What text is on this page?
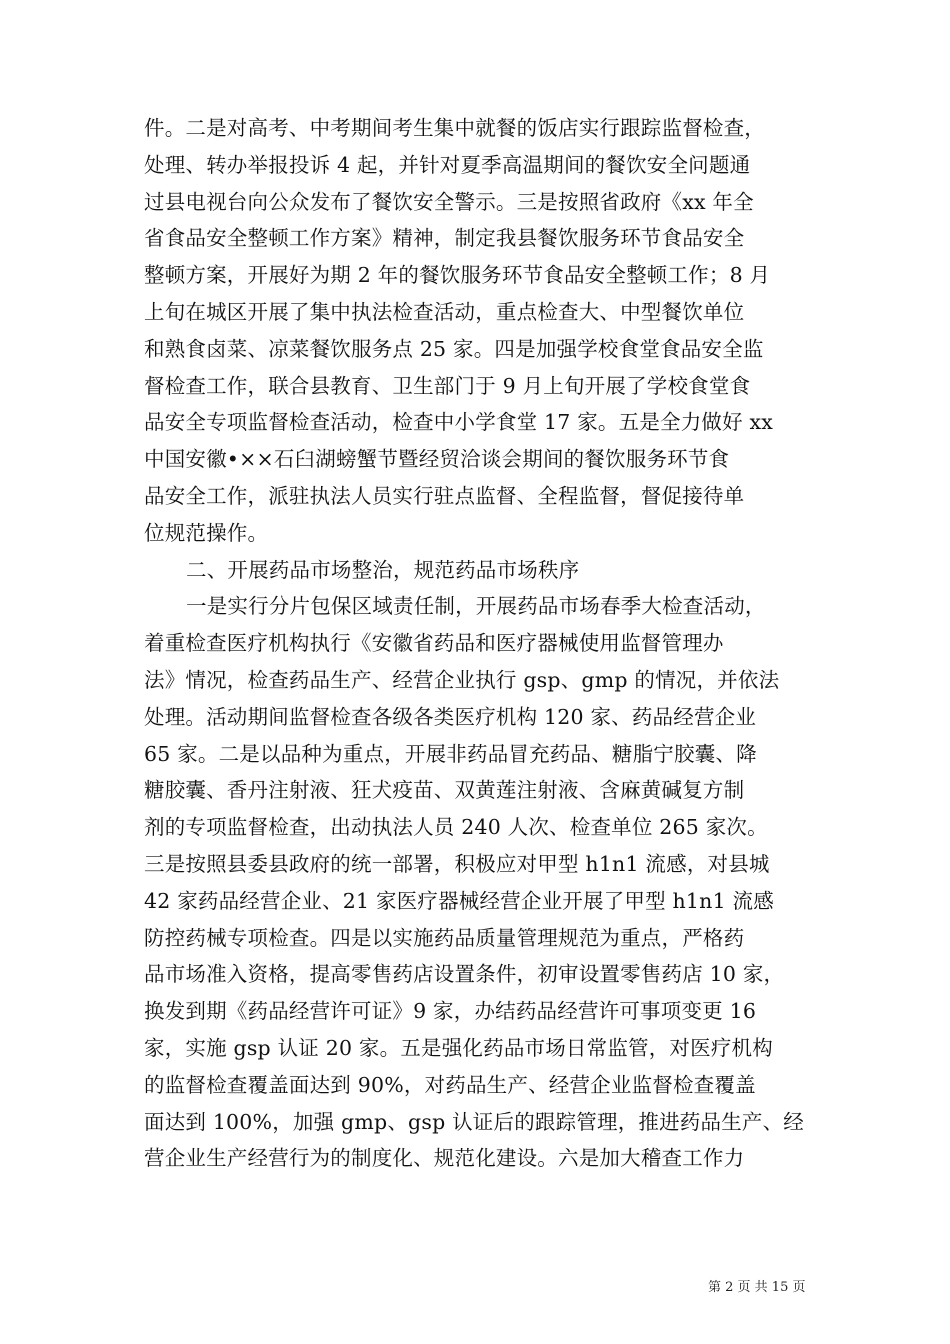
件。二是对高考、中考期间考生集中就餐的饭店实行跟踪监督检查，
处理、转办举报投诉 4 起，并针对夏季高温期间的餐饮安全问题通
过县电视台向公众发布了餐饮安全警示。三是按照省政府《xx 年全
省食品安全整顿工作方案》精神，制定我县餐饮服务环节食品安全
整顿方案，开展好为期 2 年的餐饮服务环节食品安全整顿工作；8 月
上旬在城区开展了集中执法检查活动，重点检查大、中型餐饮单位
和熟食卤菜、凉菜餐饮服务点 25 家。四是加强学校食堂食品安全监
督检查工作，联合县教育、卫生部门于 9 月上旬开展了学校食堂食
品安全专项监督检查活动，检查中小学食堂 17 家。五是全力做好 xx
中国安徽•××石臼湖螃蟹节暨经贸洽谈会期间的餐饮服务环节食
品安全工作，派驻执法人员实行驻点监督、全程监督，督促接待单
位规范操作。
二、开展药品市场整治，规范药品市场秩序
一是实行分片包保区域责任制，开展药品市场春季大检查活动，
着重检查医疗机构执行《安徽省药品和医疗器械使用监督管理办
法》情况，检查药品生产、经营企业执行 gsp、gmp 的情况，并依法
处理。活动期间监督检查各级各类医疗机构 120 家、药品经营企业
65 家。二是以品种为重点，开展非药品冒充药品、糖脂宁胶囊、降
糖胶囊、香丹注射液、狂犬疫苗、双黄莲注射液、含麻黄碱复方制
剂的专项监督检查，出动执法人员 240 人次、检查单位 265 家次。
三是按照县委县政府的统一部署，积极应对甲型 h1n1 流感，对县城
42 家药品经营企业、21 家医疗器械经营企业开展了甲型 h1n1 流感
防控药械专项检查。四是以实施药品质量管理规范为重点，严格药
品市场准入资格，提高零售药店设置条件，初审设置零售药店 10 家，
换发到期《药品经营许可证》9 家，办结药品经营许可事项变更 16
家，实施 gsp 认证 20 家。五是强化药品市场日常监管，对医疗机构
的监督检查覆盖面达到 90%，对药品生产、经营企业监督检查覆盖
面达到 100%，加强 gmp、gsp 认证后的跟踪管理，推进药品生产、经
营企业生产经营行为的制度化、规范化建设。六是加大稽查工作力
第 2 页 共 15 页
